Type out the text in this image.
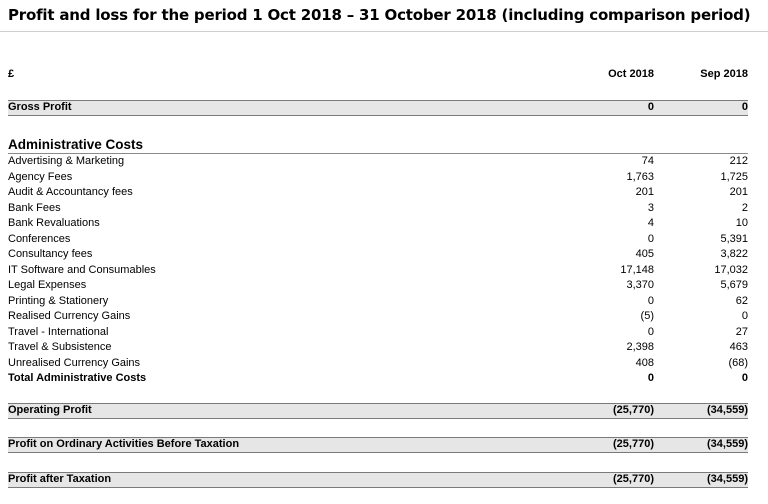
Profit and loss for the period 1 Oct 2018 – 31 October 2018 (including comparison period)
£	Oct 2018	Sep 2018
Gross Profit	0	0
Administrative Costs
Advertising & Marketing	74	212
Agency Fees	1,763	1,725
Audit & Accountancy fees	201	201
Bank Fees	3	2
Bank Revaluations	4	10
Conferences	0	5,391
Consultancy fees	405	3,822
IT Software and Consumables	17,148	17,032
Legal Expenses	3,370	5,679
Printing & Stationery	0	62
Realised Currency Gains	(5)	0
Travel - International	0	27
Travel & Subsistence	2,398	463
Unrealised Currency Gains	408	(68)
Total Administrative Costs	0	0
Operating Profit	(25,770)	(34,559)
Profit on Ordinary Activities Before Taxation	(25,770)	(34,559)
Profit after Taxation	(25,770)	(34,559)
